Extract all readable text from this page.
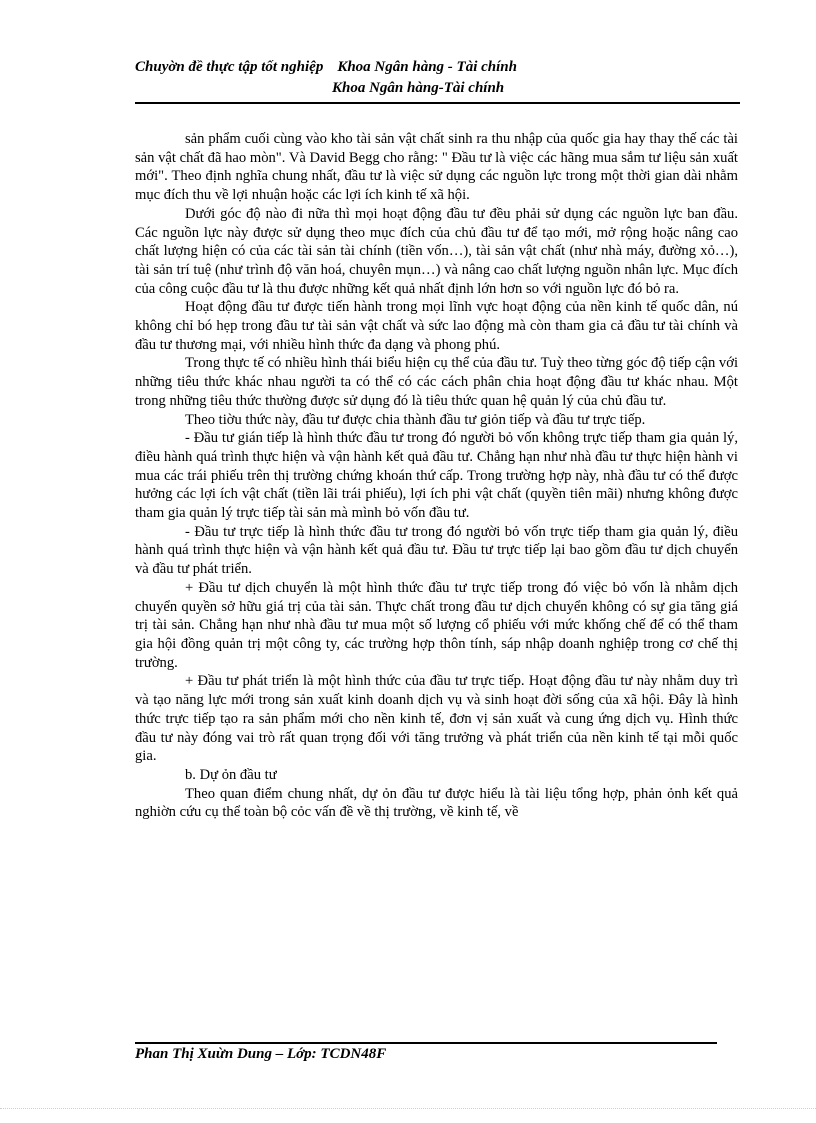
Chuyờn đề thực tập tốt nghiệp Khoa Ngân hàng - Tài chính
Khoa Ngân hàng-Tài chính

sản phẩm cuối cùng vào kho tài sản vật chất sinh ra thu nhập của quốc gia hay thay thế các tài sản vật chất đã hao mòn". Và David Begg cho rằng: " Đầu tư là việc các hãng mua sắm tư liệu sản xuất mới". Theo định nghĩa chung nhất, đầu tư là việc sử dụng các nguồn lực trong một thời gian dài nhằm mục đích thu về lợi nhuận hoặc các lợi ích kinh tế xã hội.

Dưới góc độ nào đi nữa thì mọi hoạt động đầu tư đều phải sử dụng các nguồn lực ban đầu. Các nguồn lực này được sử dụng theo mục đích của chủ đầu tư để tạo mới, mở rộng hoặc nâng cao chất lượng hiện có của các tài sản tài chính (tiền vốn…), tài sản vật chất (như nhà máy, đường xỏ…), tài sản trí tuệ (như trình độ văn hoá, chuyên mụn…) và nâng cao chất lượng nguồn nhân lực. Mục đích của công cuộc đầu tư là thu được những kết quả nhất định lớn hơn so với nguồn lực đó bỏ ra.

Hoạt động đầu tư được tiến hành trong mọi lĩnh vực hoạt động của nền kinh tế quốc dân, nú không chỉ bó hẹp trong đầu tư tài sản vật chất và sức lao động mà còn tham gia cả đầu tư tài chính và đầu tư thương mại, với nhiều hình thức đa dạng và phong phú.

Trong thực tế có nhiều hình thái biểu hiện cụ thể của đầu tư. Tuỳ theo từng góc độ tiếp cận với những tiêu thức khác nhau người ta có thể có các cách phân chia hoạt động đầu tư khác nhau. Một trong những tiêu thức thường được sử dụng đó là tiêu thức quan hệ quản lý của chủ đầu tư.

Theo tiờu thức này, đầu tư được chia thành đầu tư giỏn tiếp và đầu tư trực tiếp.

- Đầu tư gián tiếp là hình thức đầu tư trong đó người bỏ vốn không trực tiếp tham gia quản lý, điều hành quá trình thực hiện và vận hành kết quả đầu tư. Chẳng hạn như nhà đầu tư thực hiện hành vi mua các trái phiếu trên thị trường chứng khoán thứ cấp. Trong trường hợp này, nhà đầu tư có thể được hưởng các lợi ích vật chất (tiền lãi trái phiếu), lợi ích phi vật chất (quyền tiên mãi) nhưng không được tham gia quản lý trực tiếp tài sản mà mình bỏ vốn đầu tư.

- Đầu tư trực tiếp là hình thức đầu tư trong đó người bỏ vốn trực tiếp tham gia quản lý, điều hành quá trình thực hiện và vận hành kết quả đầu tư. Đầu tư trực tiếp lại bao gồm đầu tư dịch chuyển và đầu tư phát triển.

+ Đầu tư dịch chuyển là một hình thức đầu tư trực tiếp trong đó việc bỏ vốn là nhằm dịch chuyển quyền sở hữu giá trị của tài sản. Thực chất trong đầu tư dịch chuyển không có sự gia tăng giá trị tài sản. Chẳng hạn như nhà đầu tư mua một số lượng cổ phiếu với mức khống chế để có thể tham gia hội đồng quản trị một công ty, các trường hợp thôn tính, sáp nhập doanh nghiệp trong cơ chế thị trường.

+ Đầu tư phát triển là một hình thức của đầu tư trực tiếp. Hoạt động đầu tư này nhằm duy trì và tạo năng lực mới trong sản xuất kinh doanh dịch vụ và sinh hoạt đời sống của xã hội. Đây là hình thức trực tiếp tạo ra sản phẩm mới cho nền kinh tế, đơn vị sản xuất và cung ứng dịch vụ. Hình thức đầu tư này đóng vai trò rất quan trọng đối với tăng trưởng và phát triển của nền kinh tế tại mỗi quốc gia.

b. Dự ỏn đầu tư

Theo quan điểm chung nhất, dự ỏn đầu tư được hiểu là tài liệu tổng hợp, phản ỏnh kết quả nghiờn cứu cụ thể toàn bộ cỏc vấn đề về thị trường, về kinh tế, về

Phan Thị Xuừn Dung – Lớp: TCDN48F
